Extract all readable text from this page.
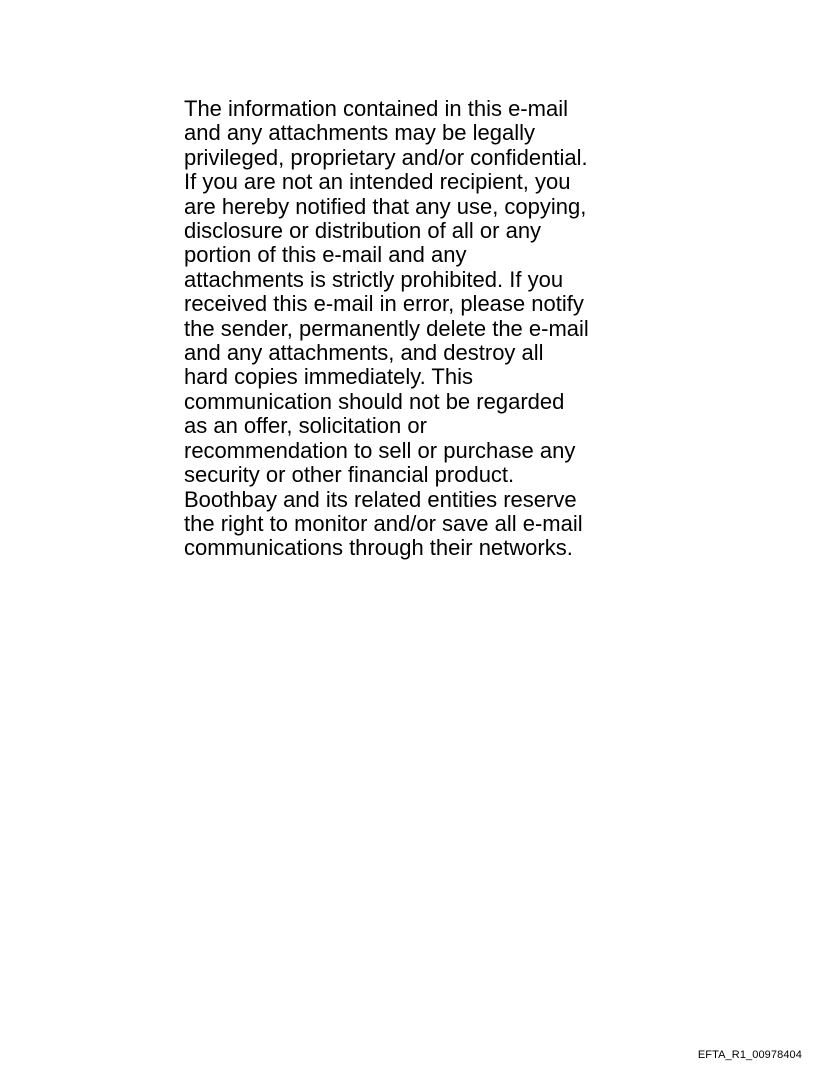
The information contained in this e-mail
and any attachments may be legally
privileged, proprietary and/or confidential.
If you are not an intended recipient, you
are hereby notified that any use, copying,
disclosure or distribution of all or any
portion of this e-mail and any
attachments is strictly prohibited. If you
received this e-mail in error, please notify
the sender, permanently delete the e-mail
and any attachments, and destroy all
hard copies immediately. This
communication should not be regarded
as an offer, solicitation or
recommendation to sell or purchase any
security or other financial product.
Boothbay and its related entities reserve
the right to monitor and/or save all e-mail
communications through their networks.
EFTA_R1_00978404
